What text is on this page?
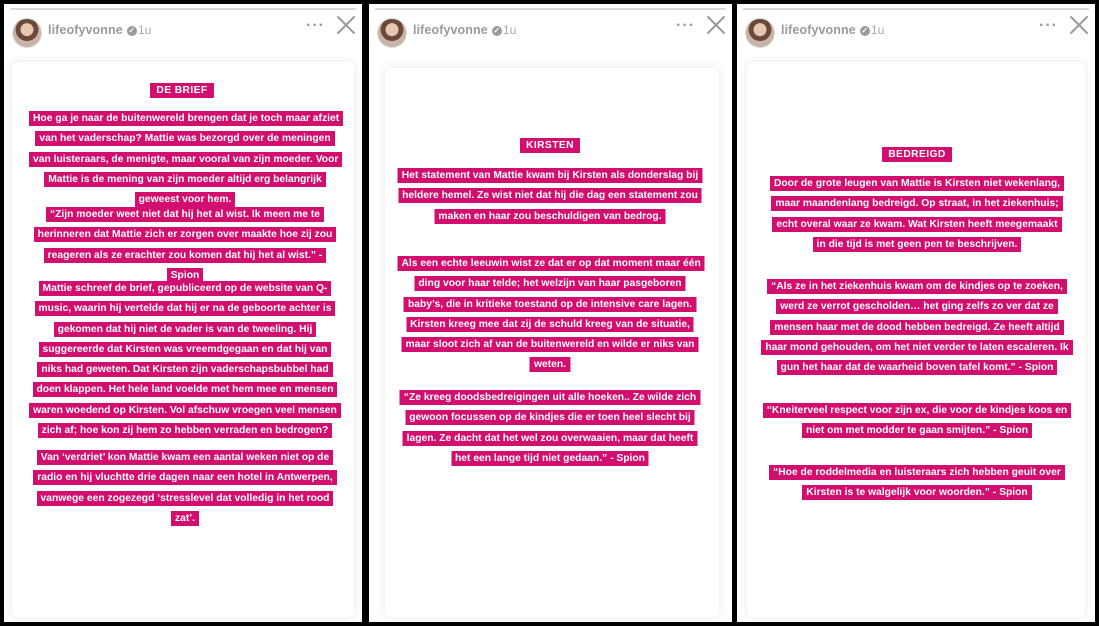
lifeofyvonne ✓ 1u	···
DE BRIEF
Hoe ga je naar de buitenwereld brengen dat je toch maar afziet van het vaderschap? Mattie was bezorgd over de meningen van luisteraars, de menigte, maar vooral van zijn moeder. Voor Mattie is de mening van zijn moeder altijd erg belangrijk geweest voor hem.
“Zijn moeder weet niet dat hij het al wist. Ik meen me te herinneren dat Mattie zich er zorgen over maakte hoe zij zou reageren als ze erachter zou komen dat hij het al wist.” - Spion
Mattie schreef de brief, gepubliceerd op de website van Q-music, waarin hij vertelde dat hij er na de geboorte achter is gekomen dat hij niet de vader is van de tweeling. Hij suggereerde dat Kirsten was vreemdgegaan en dat hij van niks had geweten. Dat Kirsten zijn vaderschapsbubbel had doen klappen. Het hele land voelde met hem mee en mensen waren woedend op Kirsten. Vol afschuw vroegen veel mensen zich af; hoe kon zij hem zo hebben verraden en bedrogen?
Van ‘verdriet’ kon Mattie kwam een aantal weken niet op de radio en hij vluchtte drie dagen naar een hotel in Antwerpen, vanwege een zogezegd ‘stresslevel dat volledig in het rood zat’.
lifeofyvonne ✓ 1u	···
KIRSTEN
Het statement van Mattie kwam bij Kirsten als donderslag bij heldere hemel. Ze wist niet dat hij die dag een statement zou maken en haar zou beschuldigen van bedrog.
Als een echte leeuwin wist ze dat er op dat moment maar één ding voor haar telde; het welzijn van haar pasgeboren baby’s, die in kritieke toestand op de intensive care lagen. Kirsten kreeg mee dat zij de schuld kreeg van de situatie, maar sloot zich af van de buitenwereld en wilde er niks van weten.
“Ze kreeg doodsbedreigingen uit alle hoeken.. Ze wilde zich gewoon focussen op de kindjes die er toen heel slecht bij lagen. Ze dacht dat het wel zou overwaaien, maar dat heeft het een lange tijd niet gedaan.” - Spion
lifeofyvonne ✓ 1u	···
BEDREIGD
Door de grote leugen van Mattie is Kirsten niet wekenlang, maar maandenlang bedreigd. Op straat, in het ziekenhuis; echt overal waar ze kwam. Wat Kirsten heeft meegemaakt in die tijd is met geen pen te beschrijven.
“Als ze in het ziekenhuis kwam om de kindjes op te zoeken, werd ze verrot gescholden… het ging zelfs zo ver dat ze mensen haar met de dood hebben bedreigd. Ze heeft altijd haar mond gehouden, om het niet verder te laten escaleren. Ik gun het haar dat de waarheid boven tafel komt.” - Spion
“Kneiterveel respect voor zijn ex, die voor de kindjes koos en niet om met modder te gaan smijten.” - Spion
“Hoe de roddelmedia en luisteraars zich hebben geuit over Kirsten is te walgelijk voor woorden.” - Spion
